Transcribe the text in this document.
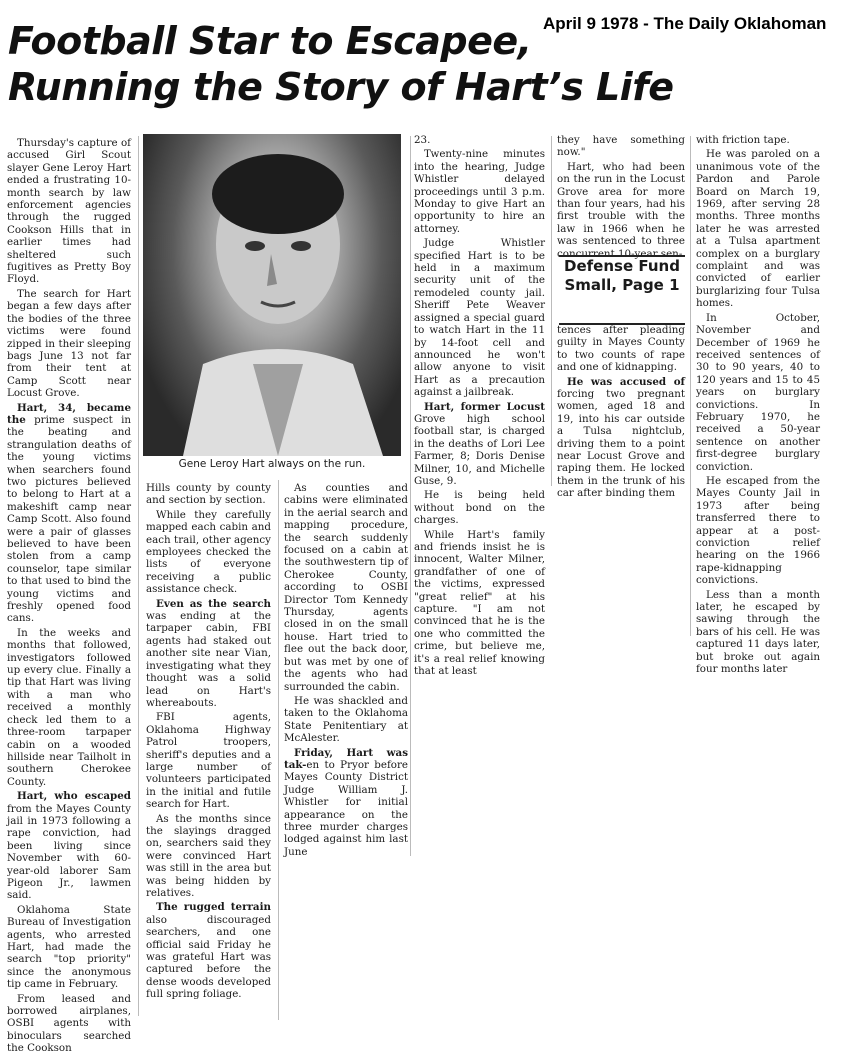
Football Star to Escapee,
Running the Story of Hart’s Life
April 9 1978 - The Daily Oklahoman
Gene Leroy Hart always on the run.

Thursday's capture of accused Girl Scout slayer Gene Leroy Hart ended a frustrating 10-month search by law enforcement agencies through the rugged Cookson Hills that in earlier times had sheltered such fugitives as Pretty Boy Floyd.

The search for Hart began a few days after the bodies of the three victims were found zipped in their sleeping bags June 13 not far from their tent at Camp Scott near Locust Grove.

Hart, 34, became the prime suspect in the beating and strangulation deaths of the young victims when searchers found two pictures believed to belong to Hart at a makeshift camp near Camp Scott. Also found were a pair of glasses believed to have been stolen from a camp counselor, tape similar to that used to bind the young victims and freshly opened food cans.

In the weeks and months that followed, investigators followed up every clue. Finally a tip that Hart was living with a man who received a monthly check led them to a three-room tarpaper cabin on a wooded hillside near Tailholt in southern Cherokee County.

Hart, who escaped from the Mayes County jail in 1973 following a rape conviction, had been living since November with 60-year-old laborer Sam Pigeon Jr., lawmen said.

Oklahoma State Bureau of Investigation agents, who arrested Hart, had made the search "top priority" since the anonymous tip came in February.

From leased and borrowed airplanes, OSBI agents with binoculars searched the Cookson

Hills county by county and section by section.

While they carefully mapped each cabin and each trail, other agency employees checked the lists of everyone receiving a public assistance check.

Even as the search was ending at the tarpaper cabin, FBI agents had staked out another site near Vian, investigating what they thought was a solid lead on Hart's whereabouts.

FBI agents, Oklahoma Highway Patrol troopers, sheriff's deputies and a large number of volunteers participated in the initial and futile search for Hart.

As the months since the slayings dragged on, searchers said they were convinced Hart was still in the area but was being hidden by relatives.

The rugged terrain also discouraged searchers, and one official said Friday he was grateful Hart was captured before the dense woods developed full spring foliage.

As counties and cabins were eliminated in the aerial search and mapping procedure, the search suddenly focused on a cabin at the southwestern tip of Cherokee County, according to OSBI Director Tom Kennedy Thursday, agents closed in on the small house. Hart tried to flee out the back door, but was met by one of the agents who had surrounded the cabin.

He was shackled and taken to the Oklahoma State Penitentiary at McAlester.

Friday, Hart was tak-en to Pryor before Mayes County District Judge William J. Whistler for initial appearance on the three murder charges lodged against him last June

23.

Twenty-nine minutes into the hearing, Judge Whistler delayed proceedings until 3 p.m. Monday to give Hart an opportunity to hire an attorney.

Judge Whistler specified Hart is to be held in a maximum security unit of the remodeled county jail. Sheriff Pete Weaver assigned a special guard to watch Hart in the 11 by 14-foot cell and announced he won't allow anyone to visit Hart as a precaution against a jailbreak.

Hart, former Locust Grove high school football star, is charged in the deaths of Lori Lee Farmer, 8; Doris Denise Milner, 10, and Michelle Guse, 9.

He is being held without bond on the charges.

While Hart's family and friends insist he is innocent, Walter Milner, grandfather of one of the victims, expressed "great relief" at his capture. "I am not convinced that he is the one who committed the crime, but believe me, it's a real relief knowing that at least

they have something now."

Hart, who had been on the run in the Locust Grove area for more than four years, had his first trouble with the law in 1966 when he was sentenced to three concurrent 10-year sen-

Defense Fund
Small, Page 1

tences after pleading guilty in Mayes County to two counts of rape and one of kidnapping.

He was accused of forcing two pregnant women, aged 18 and 19, into his car outside a Tulsa nightclub, driving them to a point near Locust Grove and raping them. He locked them in the trunk of his car after binding them

with friction tape.

He was paroled on a unanimous vote of the Pardon and Parole Board on March 19, 1969, after serving 28 months. Three months later he was arrested at a Tulsa apartment complex on a burglary complaint and was convicted of earlier burglarizing four Tulsa homes.

In October, November and December of 1969 he received sentences of 30 to 90 years, 40 to 120 years and 15 to 45 years on burglary convictions. In February 1970, he received a 50-year sentence on another first-degree burglary conviction.

He escaped from the Mayes County Jail in 1973 after being transferred there to appear at a post-conviction relief hearing on the 1966 rape-kidnapping convictions.

Less than a month later, he escaped by sawing through the bars of his cell. He was captured 11 days later, but broke out again four months later
